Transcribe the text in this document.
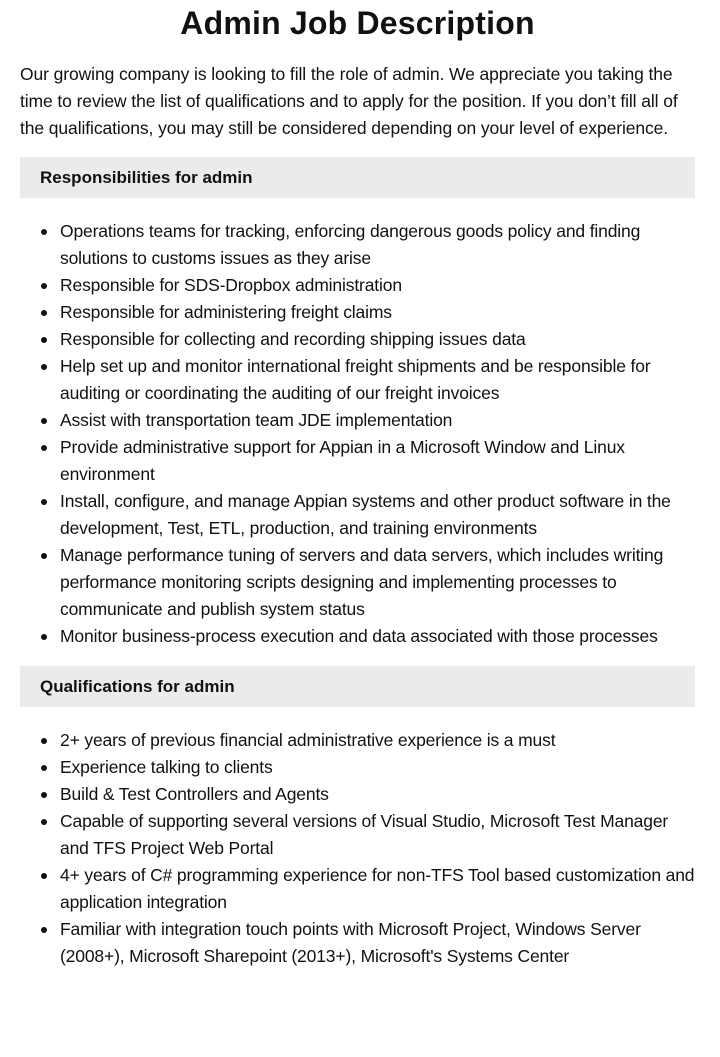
Admin Job Description

Our growing company is looking to fill the role of admin. We appreciate you taking the time to review the list of qualifications and to apply for the position. If you don’t fill all of the qualifications, you may still be considered depending on your level of experience.

Responsibilities for admin
Operations teams for tracking, enforcing dangerous goods policy and finding solutions to customs issues as they arise
Responsible for SDS-Dropbox administration
Responsible for administering freight claims
Responsible for collecting and recording shipping issues data
Help set up and monitor international freight shipments and be responsible for auditing or coordinating the auditing of our freight invoices
Assist with transportation team JDE implementation
Provide administrative support for Appian in a Microsoft Window and Linux environment
Install, configure, and manage Appian systems and other product software in the development, Test, ETL, production, and training environments
Manage performance tuning of servers and data servers, which includes writing performance monitoring scripts designing and implementing processes to communicate and publish system status
Monitor business-process execution and data associated with those processes
Qualifications for admin
2+ years of previous financial administrative experience is a must
Experience talking to clients
Build & Test Controllers and Agents
Capable of supporting several versions of Visual Studio, Microsoft Test Manager and TFS Project Web Portal
4+ years of C# programming experience for non-TFS Tool based customization and application integration
Familiar with integration touch points with Microsoft Project, Windows Server (2008+), Microsoft Sharepoint (2013+), Microsoft's Systems Center
